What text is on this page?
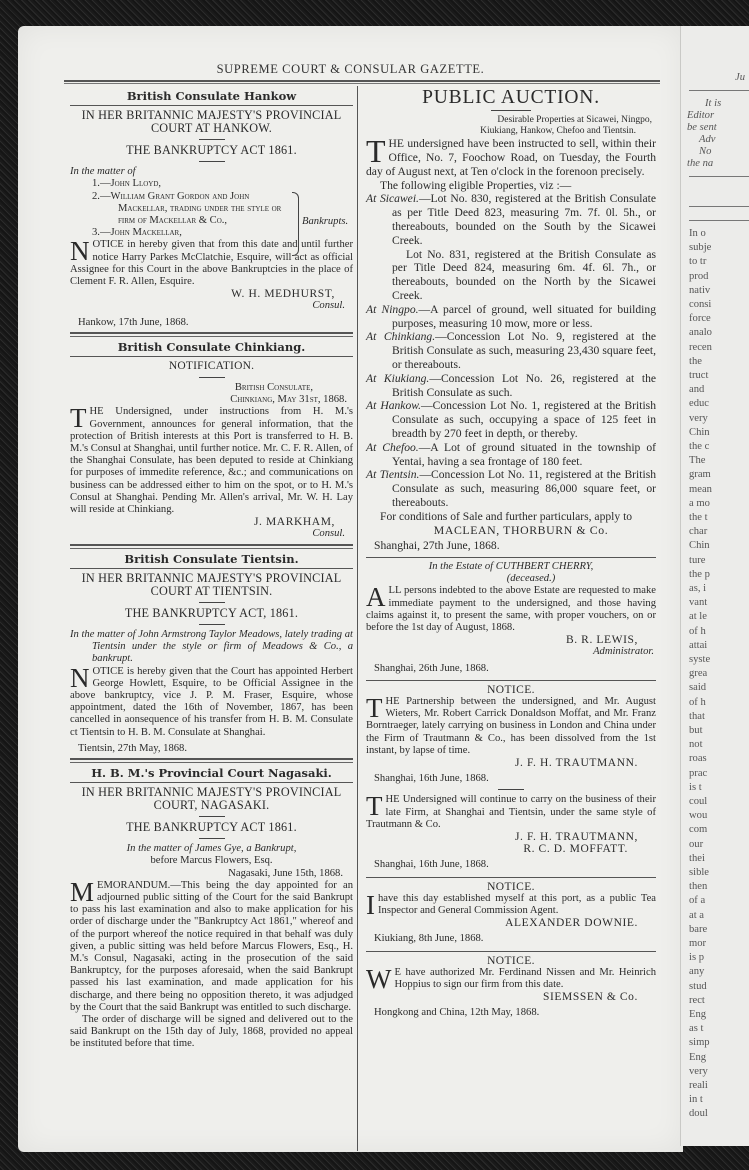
SUPREME COURT & CONSULAR GAZETTE.
British Consulate Hankow
IN HER BRITANNIC MAJESTY'S PROVINCIAL COURT AT HANKOW.
THE BANKRUPTCY ACT 1861.
In the matter of
1.—John Lloyd,
2.—William Grant Gordon and John Mackellar, trading under the style or firm of Mackellar & Co.,
3.—John Mackellar,
Bankrupts.

NOTICE in hereby given that from this date and until further notice Harry Parkes McClatchie, Esquire, will act as official Assignee for this Court in the above Bankruptcies in the place of Clement F. R. Allen, Esquire.

W. H. MEDHURST,
Consul.
Hankow, 17th June, 1868.
British Consulate Chinkiang.
NOTIFICATION.
British Consulate,
Chinkiang, May 31st, 1868.

THE Undersigned, under instructions from H. M.'s Government, announces for general information, that the protection of British interests at this Port is transferred to H. B. M.'s Consul at Shanghai, until further notice. Mr. C. F. R. Allen, of the Shanghai Consulate, has been deputed to reside at Chinkiang for purposes of immedite reference, &c.; and communications on business can be addressed either to him on the spot, or to H. M.'s Consul at Shanghai. Pending Mr. Allen's arrival, Mr. W. H. Lay will reside at Chinkiang.

J. MARKHAM,
Consul.
British Consulate Tientsin.
IN HER BRITANNIC MAJESTY'S PROVINCIAL COURT AT TIENTSIN.
THE BANKRUPTCY ACT, 1861.
In the matter of John Armstrong Taylor Meadows, lately trading at Tientsin under the style or firm of Meadows & Co., a bankrupt.

NOTICE is hereby given that the Court has appointed Herbert George Howlett, Esquire, to be Official Assignee in the above bankruptcy, vice J. P. M. Fraser, Esquire, whose appointment, dated the 16th of November, 1867, has been cancelled in aonsequence of his transfer from H. B. M. Consulate ct Tientsin to H. B. M. Consulate at Shanghai.

Tientsin, 27th May, 1868.
H. B. M.'s Provincial Court Nagasaki.
IN HER BRITANNIC MAJESTY'S PROVINCIAL COURT, NAGASAKI.
THE BANKRUPTCY ACT 1861.
In the matter of James Gye, a Bankrupt,
before Marcus Flowers, Esq.
Nagasaki, June 15th, 1868.

MEMORANDUM.—This being the day appointed for an adjourned public sitting of the Court for the said Bankrupt to pass his last examination and also to make application for his order of discharge under the "Bankruptcy Act 1861," whereof and of the purport whereof the notice required in that behalf was duly given, a public sitting was held before Marcus Flowers, Esq., H. M.'s Consul, Nagasaki, acting in the prosecution of the said Bankruptcy, for the purposes aforesaid, when the said Bankrupt passed his last examination, and made application for his discharge, and there being no opposition thereto, it was adjudged by the Court that the said Bankrupt was entitled to such discharge.

The order of discharge will be signed and delivered out to the said Bankrupt on the 15th day of July, 1868, provided no appeal be instituted before that time.

PUBLIC AUCTION.
Desirable Properties at Sicawei, Ningpo,
Kiukiang, Hankow, Chefoo and Tientsin.

THE undersigned have been instructed to sell, within their Office, No. 7, Foochow Road, on Tuesday, the Fourth day of August next, at Ten o'clock in the forenoon precisely.

The following eligible Properties, viz :—
At Sicawei.—Lot No. 830, registered at the British Consulate as per Title Deed 823, measuring 7m. 7f. 0l. 5h., or thereabouts, bounded on the South by the Sicawei Creek.
Lot No. 831, registered at the British Consulate as per Title Deed 824, measuring 6m. 4f. 6l. 7h., or thereabouts, bounded on the North by the Sicawei Creek.
At Ningpo.—A parcel of ground, well situated for building purposes, measuring 10 mow, more or less.
At Chinkiang.—Concession Lot No. 9, registered at the British Consulate as such, measuring 23,430 square feet, or thereabouts.
At Kiukiang.—Concession Lot No. 26, registered at the British Consulate as such.
At Hankow.—Concession Lot No. 1, registered at the British Consulate as such, occupying a space of 125 feet in breadth by 270 feet in depth, or thereby.
At Chefoo.—A Lot of ground situated in the township of Yentai, having a sea frontage of 180 feet.
At Tientsin.—Concession Lot No. 11, registered at the British Consulate as such, measuring 86,000 square feet, or thereabouts.
For conditions of Sale and further particulars, apply to
MACLEAN, THORBURN & Co.
Shanghai, 27th June, 1868.
In the Estate of CUTHBERT CHERRY,
(deceased.)

ALL persons indebted to the above Estate are requested to make immediate payment to the undersigned, and those having claims against it, to present the same, with proper vouchers, on or before the 1st day of August, 1868.

B. R. LEWIS,
Administrator.
Shanghai, 26th June, 1868.
NOTICE.

THE Partnership between the undersigned, and Mr. August Wieters, Mr. Robert Carrick Donaldson Moffat, and Mr. Franz Borntraeger, lately carrying on business in London and China under the Firm of Trautmann & Co., has been dissolved from the 1st instant, by lapse of time.

J. F. H. TRAUTMANN.
Shanghai, 16th June, 1868.

THE Undersigned will continue to carry on the business of their late Firm, at Shanghai and Tientsin, under the same style of Trautmann & Co.

J. F. H. TRAUTMANN,
R. C. D. MOFFATT.
Shanghai, 16th June, 1868.
NOTICE.

Ihave this day established myself at this port, as a public Tea Inspector and General Commission Agent.

ALEXANDER DOWNIE.
Kiukiang, 8th June, 1868.
NOTICE.

W E have authorized Mr. Ferdinand Nissen and Mr. Heinrich Hoppius to sign our firm from this date.

SIEMSSEN & Co.
Hongkong and China, 12th May, 1868.
Ju
It is
Editor
be sent
Adv
No
the na
In o
subje
to tr
prod
nativ
consi
force
analo
recen
the
truct
and
educ
very
Chin
the c
The
gram
mean
a mo
the t
char
Chin
ture
the p
as, i
vant
at le
of h
attai
syste
grea
said
of h
that
but
not
roas
prac
is t
coul
wou
com
our
thei
sible
then
of a
at a
bare
mor
is p
any
stud
rect
Eng
as t
simp
Eng
very
reali
in t
doul
